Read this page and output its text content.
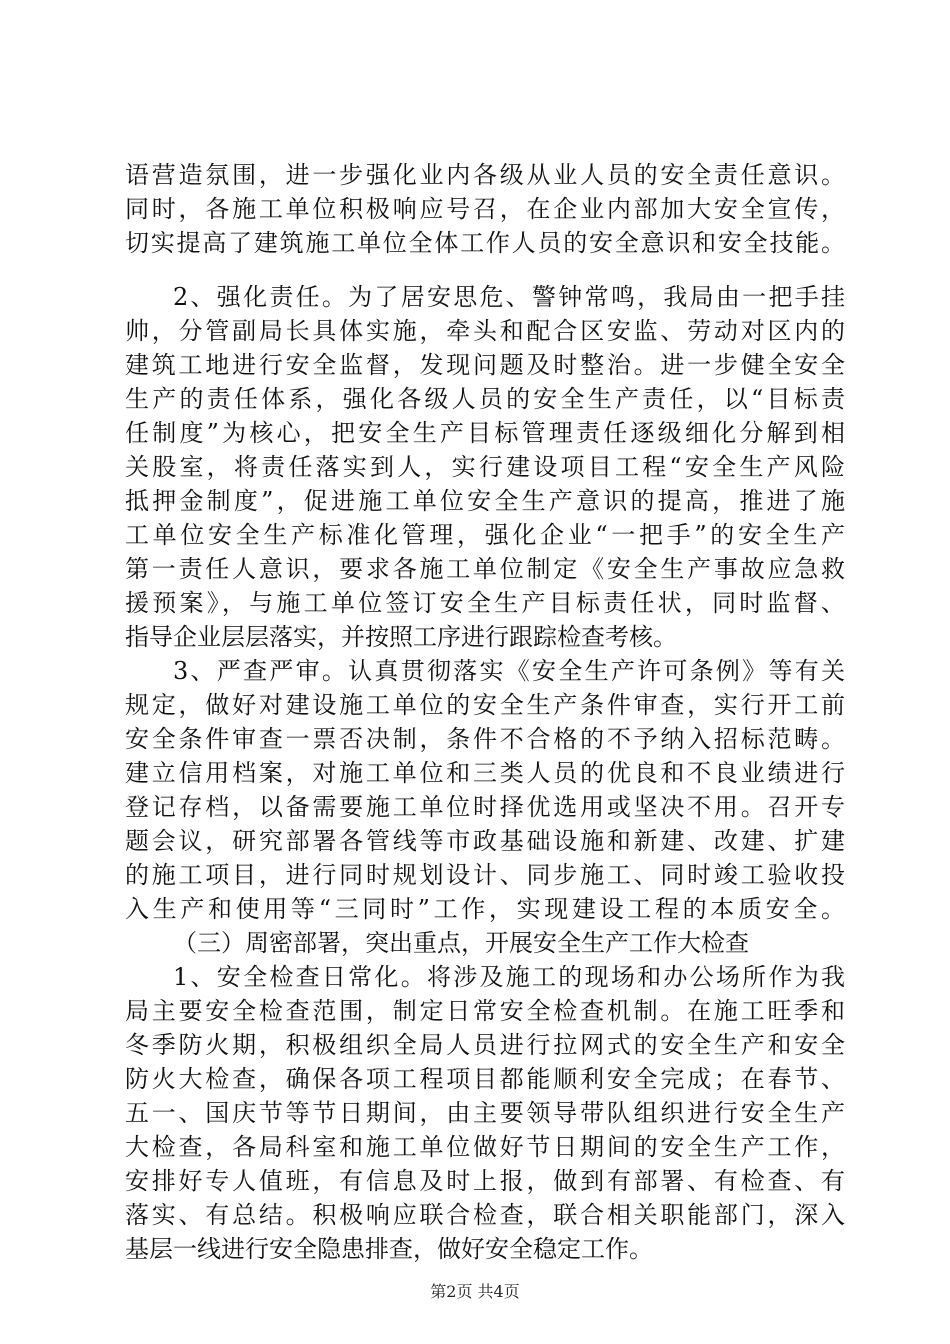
语营造氛围，进一步强化业内各级从业人员的安全责任意识。
同时，各施工单位积极响应号召，在企业内部加大安全宣传，
切实提高了建筑施工单位全体工作人员的安全意识和安全技能。
2、强化责任。为了居安思危、警钟常鸣，我局由一把手挂
帅，分管副局长具体实施，牵头和配合区安监、劳动对区内的
建筑工地进行安全监督，发现问题及时整治。进一步健全安全
生产的责任体系，强化各级人员的安全生产责任，以“目标责
任制度”为核心，把安全生产目标管理责任逐级细化分解到相
关股室，将责任落实到人，实行建设项目工程“安全生产风险
抵押金制度”，促进施工单位安全生产意识的提高，推进了施
工单位安全生产标准化管理，强化企业“一把手”的安全生产
第一责任人意识，要求各施工单位制定《安全生产事故应急救
援预案》，与施工单位签订安全生产目标责任状，同时监督、
指导企业层层落实，并按照工序进行跟踪检查考核。
3、严查严审。认真贯彻落实《安全生产许可条例》等有关
规定，做好对建设施工单位的安全生产条件审查，实行开工前
安全条件审查一票否决制，条件不合格的不予纳入招标范畴。
建立信用档案，对施工单位和三类人员的优良和不良业绩进行
登记存档，以备需要施工单位时择优选用或坚决不用。召开专
题会议，研究部署各管线等市政基础设施和新建、改建、扩建
的施工项目，进行同时规划设计、同步施工、同时竣工验收投
入生产和使用等“三同时”工作，实现建设工程的本质安全。
（三）周密部署，突出重点，开展安全生产工作大检查
1、安全检查日常化。将涉及施工的现场和办公场所作为我
局主要安全检查范围，制定日常安全检查机制。在施工旺季和
冬季防火期，积极组织全局人员进行拉网式的安全生产和安全
防火大检查，确保各项工程项目都能顺利安全完成；在春节、
五一、国庆节等节日期间，由主要领导带队组织进行安全生产
大检查，各局科室和施工单位做好节日期间的安全生产工作，
安排好专人值班，有信息及时上报，做到有部署、有检查、有
落实、有总结。积极响应联合检查，联合相关职能部门，深入
基层一线进行安全隐患排查，做好安全稳定工作。
第2页 共4页
